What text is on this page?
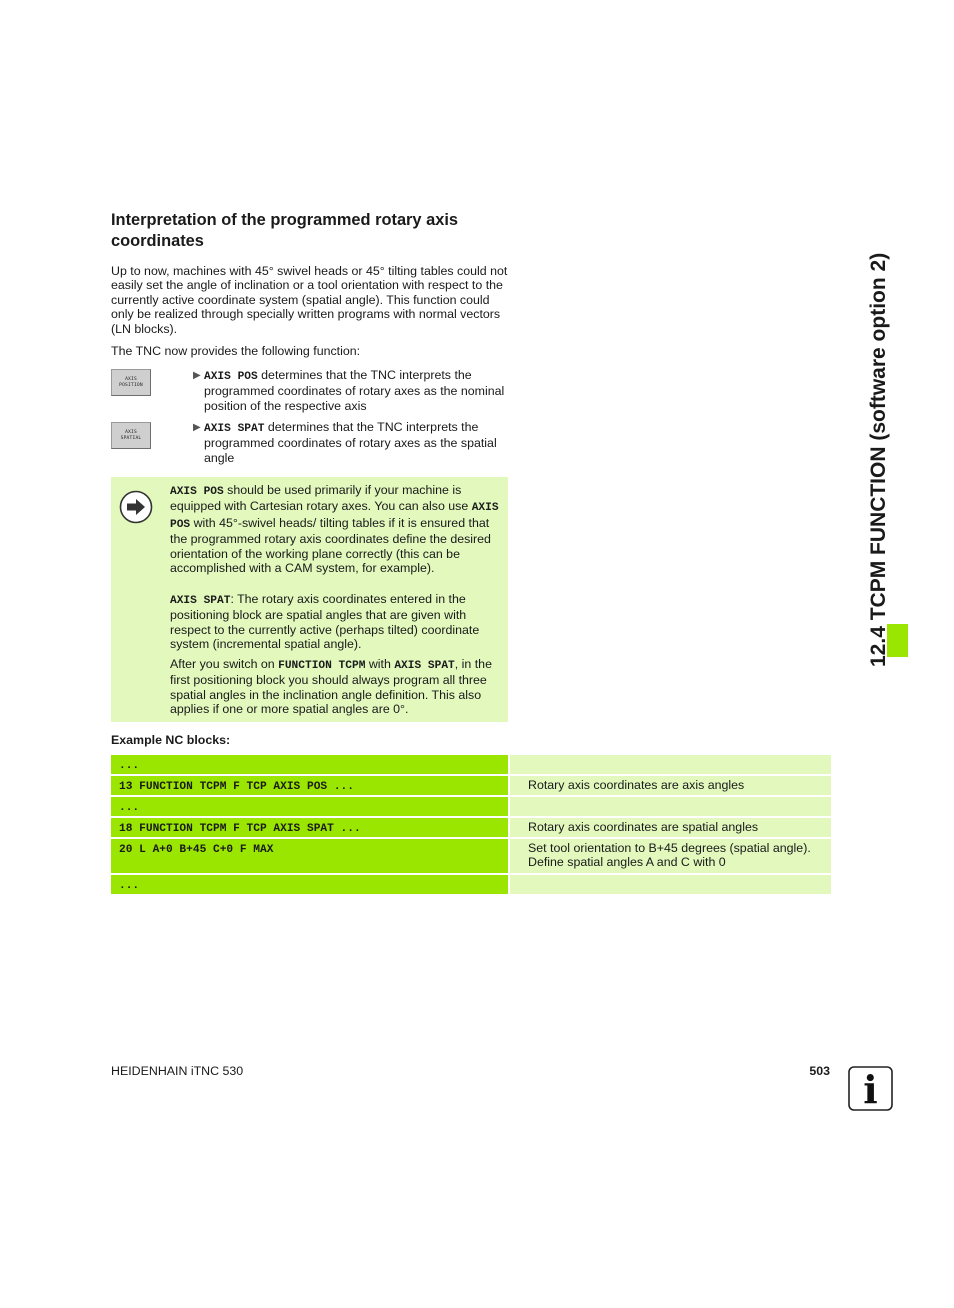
Interpretation of the programmed rotary axis coordinates

Up to now, machines with 45° swivel heads or 45° tilting tables could not easily set the angle of inclination or a tool orientation with respect to the currently active coordinate system (spatial angle). This function could only be realized through specially written programs with normal vectors (LN blocks).

The TNC now provides the following function:

AXIS
POSITION
▶ AXIS POS determines that the TNC interprets the programmed coordinates of rotary axes as the nominal position of the respective axis
AXIS
SPATIAL
▶ AXIS SPAT determines that the TNC interprets the programmed coordinates of rotary axes as the spatial angle

AXIS POS should be used primarily if your machine is equipped with Cartesian rotary axes. You can also use AXIS POS with 45°-swivel heads/ tilting tables if it is ensured that the programmed rotary axis coordinates define the desired orientation of the working plane correctly (this can be accomplished with a CAM system, for example).

AXIS SPAT: The rotary axis coordinates entered in the positioning block are spatial angles that are given with respect to the currently active (perhaps tilted) coordinate system (incremental spatial angle).

After you switch on FUNCTION TCPM with AXIS SPAT, in the first positioning block you should always program all three spatial angles in the inclination angle definition. This also applies if one or more spatial angles are 0°.

Example NC blocks:
...		
13 FUNCTION TCPM F TCP AXIS POS ...		Rotary axis coordinates are axis angles
...		
18 FUNCTION TCPM F TCP AXIS SPAT ...		Rotary axis coordinates are spatial angles
20 L A+0 B+45 C+0 F MAX		Set tool orientation to B+45 degrees (spatial angle). Define spatial angles A and C with 0
...		
12.4 TCPM FUNCTION (software option 2)
HEIDENHAIN iTNC 530	503 i
